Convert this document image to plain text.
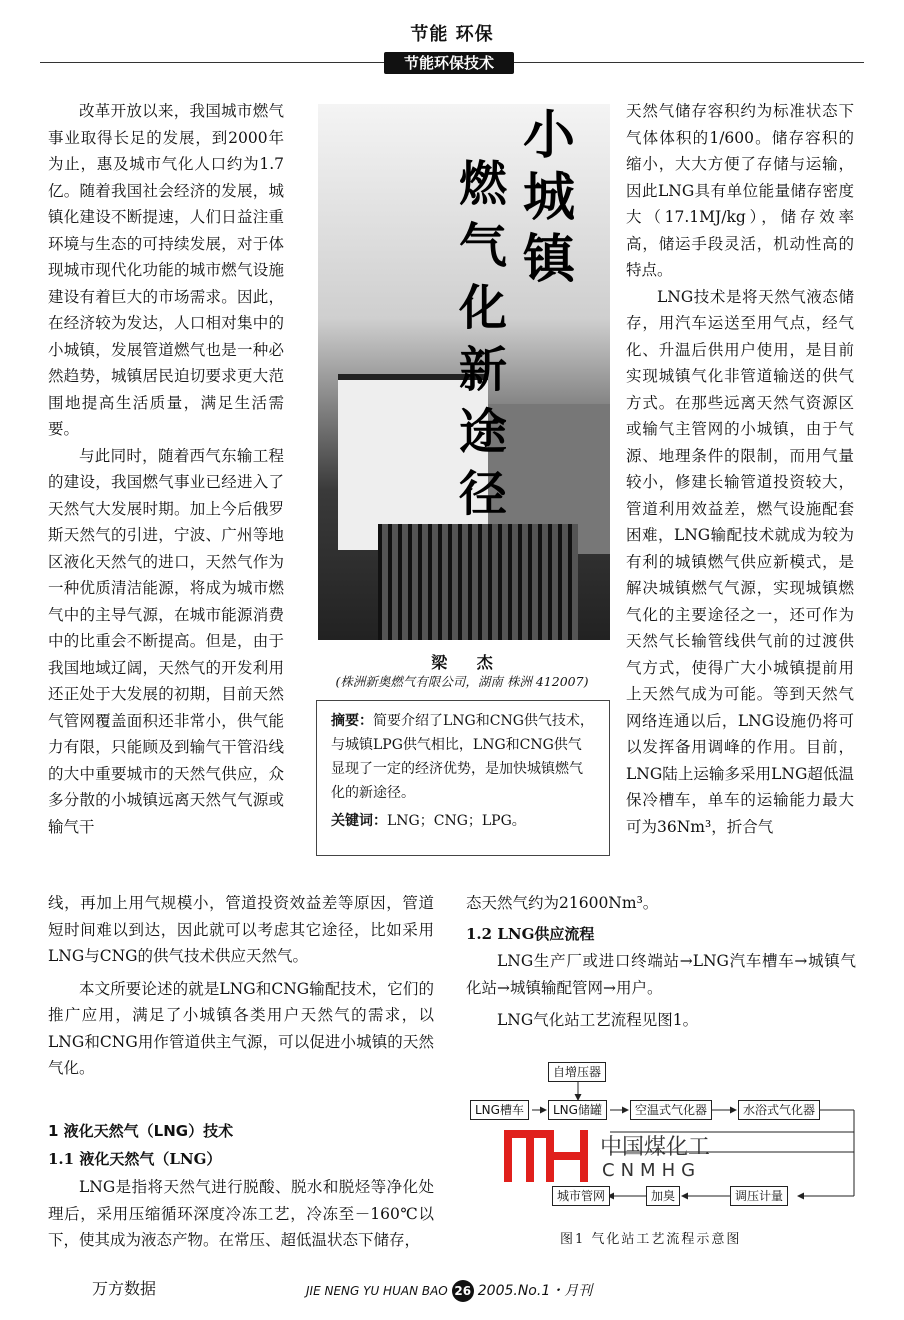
节能 环保
节能环保技术
燃
气
化
新
途
径
小
城
镇
梁 杰
(株洲新奥燃气有限公司，湖南 株洲 412007)
摘要：简要介绍了LNG和CNG供气技术，与城镇LPG供气相比，LNG和CNG供气显现了一定的经济优势，是加快城镇燃气化的新途径。
关键词：LNG；CNG；LPG。

改革开放以来，我国城市燃气事业取得长足的发展，到2000年为止，惠及城市气化人口约为1.7亿。随着我国社会经济的发展，城镇化建设不断提速，人们日益注重环境与生态的可持续发展，对于体现城市现代化功能的城市燃气设施建设有着巨大的市场需求。因此，在经济较为发达，人口相对集中的小城镇，发展管道燃气也是一种必然趋势，城镇居民迫切要求更大范围地提高生活质量，满足生活需要。

与此同时，随着西气东输工程的建设，我国燃气事业已经进入了天然气大发展时期。加上今后俄罗斯天然气的引进，宁波、广州等地区液化天然气的进口，天然气作为一种优质清洁能源，将成为城市燃气中的主导气源，在城市能源消费中的比重会不断提高。但是，由于我国地域辽阔，天然气的开发利用还正处于大发展的初期，目前天然气管网覆盖面积还非常小，供气能力有限，只能顾及到输气干管沿线的大中重要城市的天然气供应，众多分散的小城镇远离天然气气源或输气干

线，再加上用气规模小，管道投资效益差等原因，管道短时间难以到达，因此就可以考虑其它途径，比如采用LNG与CNG的供气技术供应天然气。

本文所要论述的就是LNG和CNG输配技术，它们的推广应用，满足了小城镇各类用户天然气的需求，以LNG和CNG用作管道供主气源，可以促进小城镇的天然气化。

1 液化天然气（LNG）技术
1.1 液化天然气（LNG）

LNG是指将天然气进行脱酸、脱水和脱烃等净化处理后，采用压缩循环深度冷冻工艺，冷冻至－160℃以下，使其成为液态产物。在常压、超低温状态下储存，

天然气储存容积约为标准状态下气体体积的1/600。储存容积的缩小，大大方便了存储与运输，因此LNG具有单位能量储存密度大（17.1MJ/kg），储存效率高，储运手段灵活，机动性高的特点。

LNG技术是将天然气液态储存，用汽车运送至用气点，经气化、升温后供用户使用，是目前实现城镇气化非管道输送的供气方式。在那些远离天然气资源区或输气主管网的小城镇，由于气源、地理条件的限制，而用气量较小，修建长输管道投资较大，管道利用效益差，燃气设施配套困难，LNG输配技术就成为较为有利的城镇燃气供应新模式，是解决城镇燃气气源，实现城镇燃气化的主要途径之一，还可作为天然气长输管线供气前的过渡供气方式，使得广大小城镇提前用上天然气成为可能。等到天然气网络连通以后，LNG设施仍将可以发挥备用调峰的作用。目前，LNG陆上运输多采用LNG超低温保冷槽车，单车的运输能力最大可为36Nm³，折合气

态天然气约为21600Nm³。

1.2 LNG供应流程

LNG生产厂或进口终端站→LNG汽车槽车→城镇气化站→城镇输配管网→用户。

LNG气化站工艺流程见图1。

自增压器
LNG槽车	LNG储罐	空温式气化器	水浴式气化器
城市管网	加臭	调压计量
中国煤化工
CNMHG
图1 气化站工艺流程示意图
万方数据	JIE NENG YU HUAN BAO 26 2005.No.1・月刊
